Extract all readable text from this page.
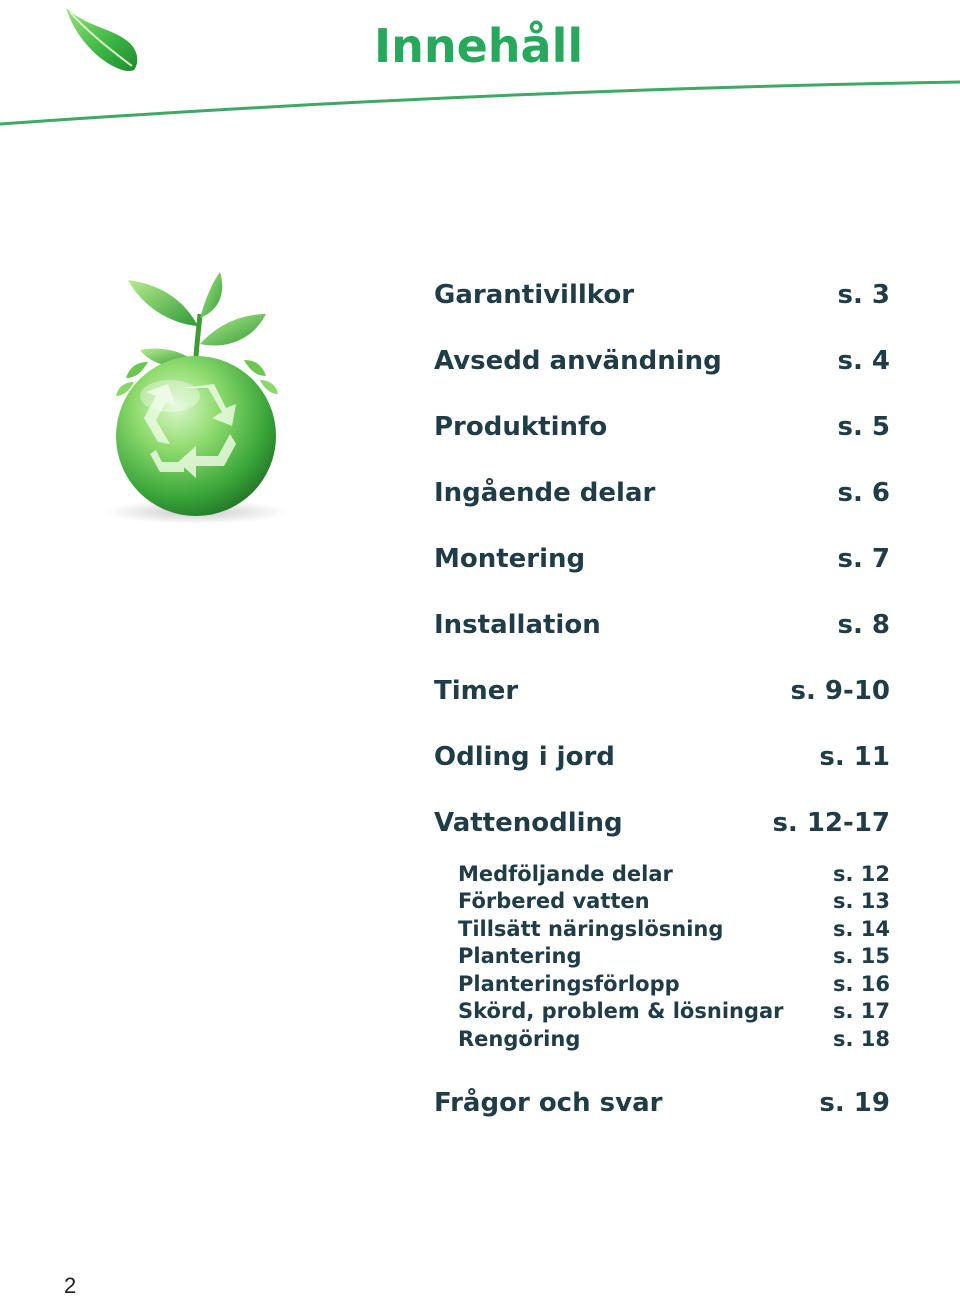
Innehåll
Garantivillkor	s. 3
Avsedd användning	s. 4
Produktinfo	s. 5
Ingående delar	s. 6
Montering	s. 7
Installation	s. 8
Timer	s. 9-10
Odling i jord	s. 11
Vattenodling	s. 12-17
Medföljande delar	s. 12
Förbered vatten	s. 13
Tillsätt näringslösning	s. 14
Plantering	s. 15
Planteringsförlopp	s. 16
Skörd, problem & lösningar s. 17
Rengöring	s. 18
Frågor och svar	s. 19
2
